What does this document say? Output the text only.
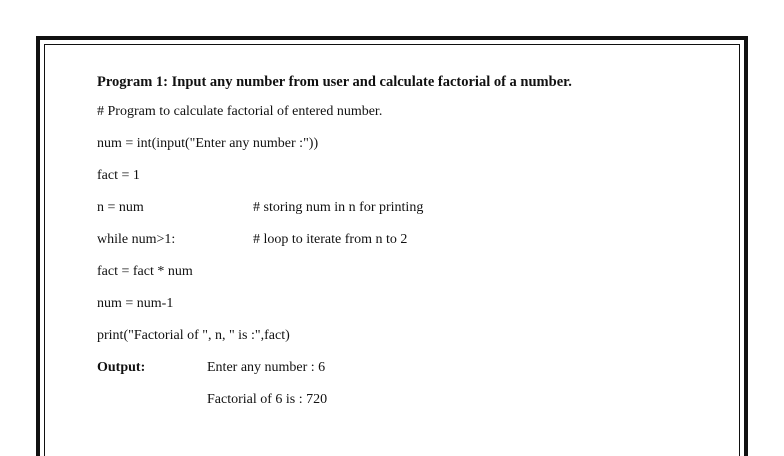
Program 1: Input any number from user and calculate factorial of a number.
# Program to calculate factorial of entered number.
num = int(input("Enter any number :"))
fact = 1
n = num	# storing num in n for printing
while num>1:	# loop to iterate from n to 2
fact = fact * num
num = num-1
print("Factorial of ", n, " is :",fact)
Output:	Enter any number : 6
Factorial of 6 is : 720
